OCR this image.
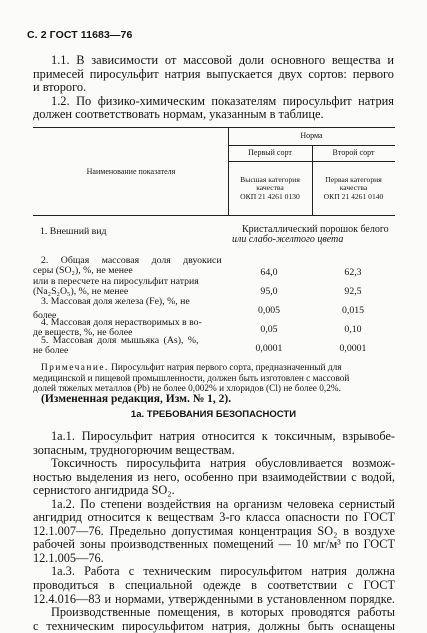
С. 2 ГОСТ 11683—76
1.1. В зависимости от массовой доли основного вещества и
примесей пиросульфит натрия выпускается двух сортов: первого
и второго.
1.2. По физико-химическим показателям пиросульфит натрия
должен соответствовать нормам, указанным в таблице.
Норма
Наименование показателя
Первый сорт	Второй сорт
Высшая категория
качества
ОКП 21 4261 0130
Первая категория
качества
ОКП 21 4261 0140
1. Внешний вид	Кристаллический порошок белого
или слабо-желтого цвета
2. Общая массовая доля двуокиси
серы (SO₂), %, не менее
или в пересчете на пиросульфит натрия
(Na₂S₂O₅), %, не менее
64,0	62,3
95,0	92,5
3. Массовая доля железа (Fe), %, не
более	0,005	0,015
4. Массовая доля нерастворимых в во-
де веществ, %, не более	0,05	0,10
5. Массовая доля мышьяка (As), %,
не более	0,0001	0,0001
Примечание. Пиросульфит натрия первого сорта, предназначенный для
медицинской и пищевой промышленности, должен быть изготовлен с массовой
долей тяжелых металлов (Pb) не более 0,002% и хлоридов (Cl) не более 0,2%.
(Измененная редакция, Изм. № 1, 2).
1а. ТРЕБОВАНИЯ БЕЗОПАСНОСТИ
1а.1. Пиросульфит натрия относится к токсичным, взрывобе-
зопасным, трудногорючим веществам.
Токсичность пиросульфита натрия обусловливается возмож-
ностью выделения из него, особенно при взаимодействии с водой,
сернистого ангидрида SO₂.
1а.2. По степени воздействия на организм человека сернистый
ангидрид относится к веществам 3-го класса опасности по ГОСТ
12.1.007—76. Предельно допустимая концентрация SO₂ в воздухе
рабочей зоны производственных помещений — 10 мг/м³ по ГОСТ
12.1.005—76.
1а.3. Работа с техническим пиросульфитом натрия должна
проводиться в специальной одежде в соответствии с ГОСТ
12.4.016—83 и нормами, утвержденными в установленном порядке.
Производственные помещения, в которых проводятся работы
с техническим пиросульфитом натрия, должны быть оснащены
